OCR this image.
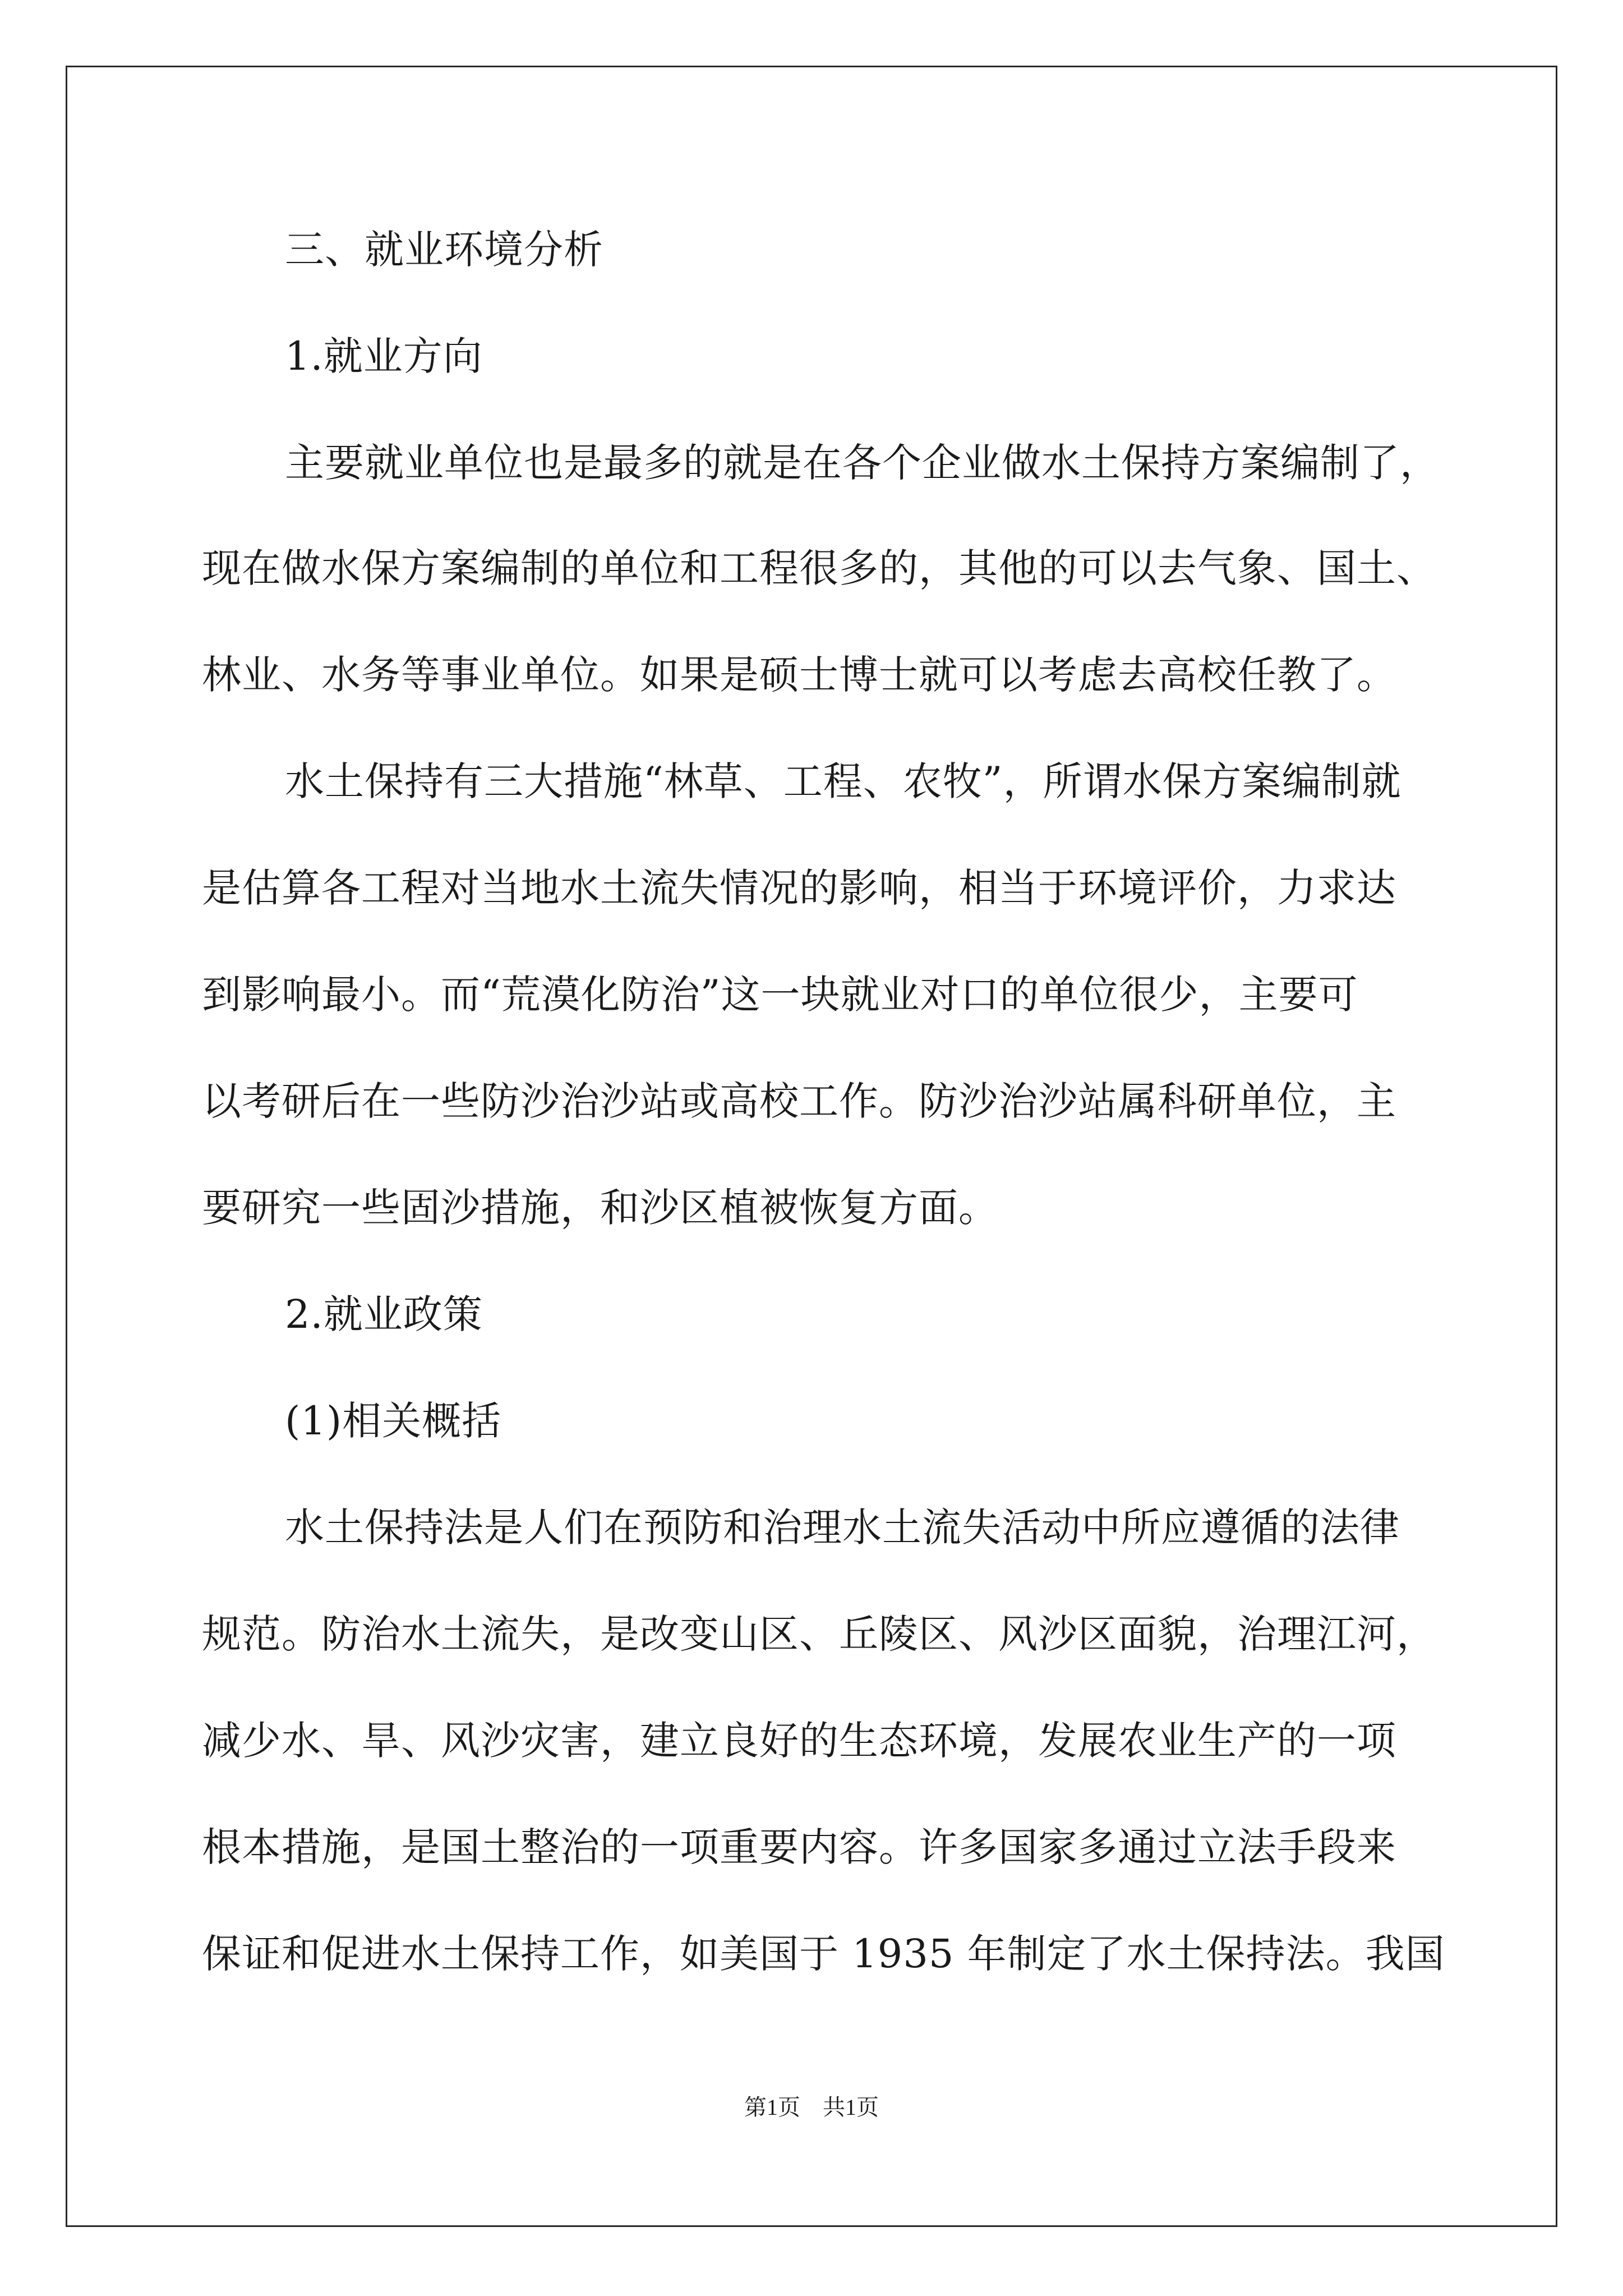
三、就业环境分析
1.就业方向
主要就业单位也是最多的就是在各个企业做水土保持方案编制了，
现在做水保方案编制的单位和工程很多的，其他的可以去气象、国土、
林业、水务等事业单位。如果是硕士博士就可以考虑去高校任教了。
水土保持有三大措施“林草、工程、农牧”，所谓水保方案编制就
是估算各工程对当地水土流失情况的影响，相当于环境评价，力求达
到影响最小。而“荒漠化防治”这一块就业对口的单位很少，主要可
以考研后在一些防沙治沙站或高校工作。防沙治沙站属科研单位，主
要研究一些固沙措施，和沙区植被恢复方面。
2.就业政策
(1)相关概括
水土保持法是人们在预防和治理水土流失活动中所应遵循的法律
规范。防治水土流失，是改变山区、丘陵区、风沙区面貌，治理江河，
减少水、旱、风沙灾害，建立良好的生态环境，发展农业生产的一项
根本措施，是国土整治的一项重要内容。许多国家多通过立法手段来
保证和促进水土保持工作，如美国于 1935 年制定了水土保持法。我国
第1页　共1页
